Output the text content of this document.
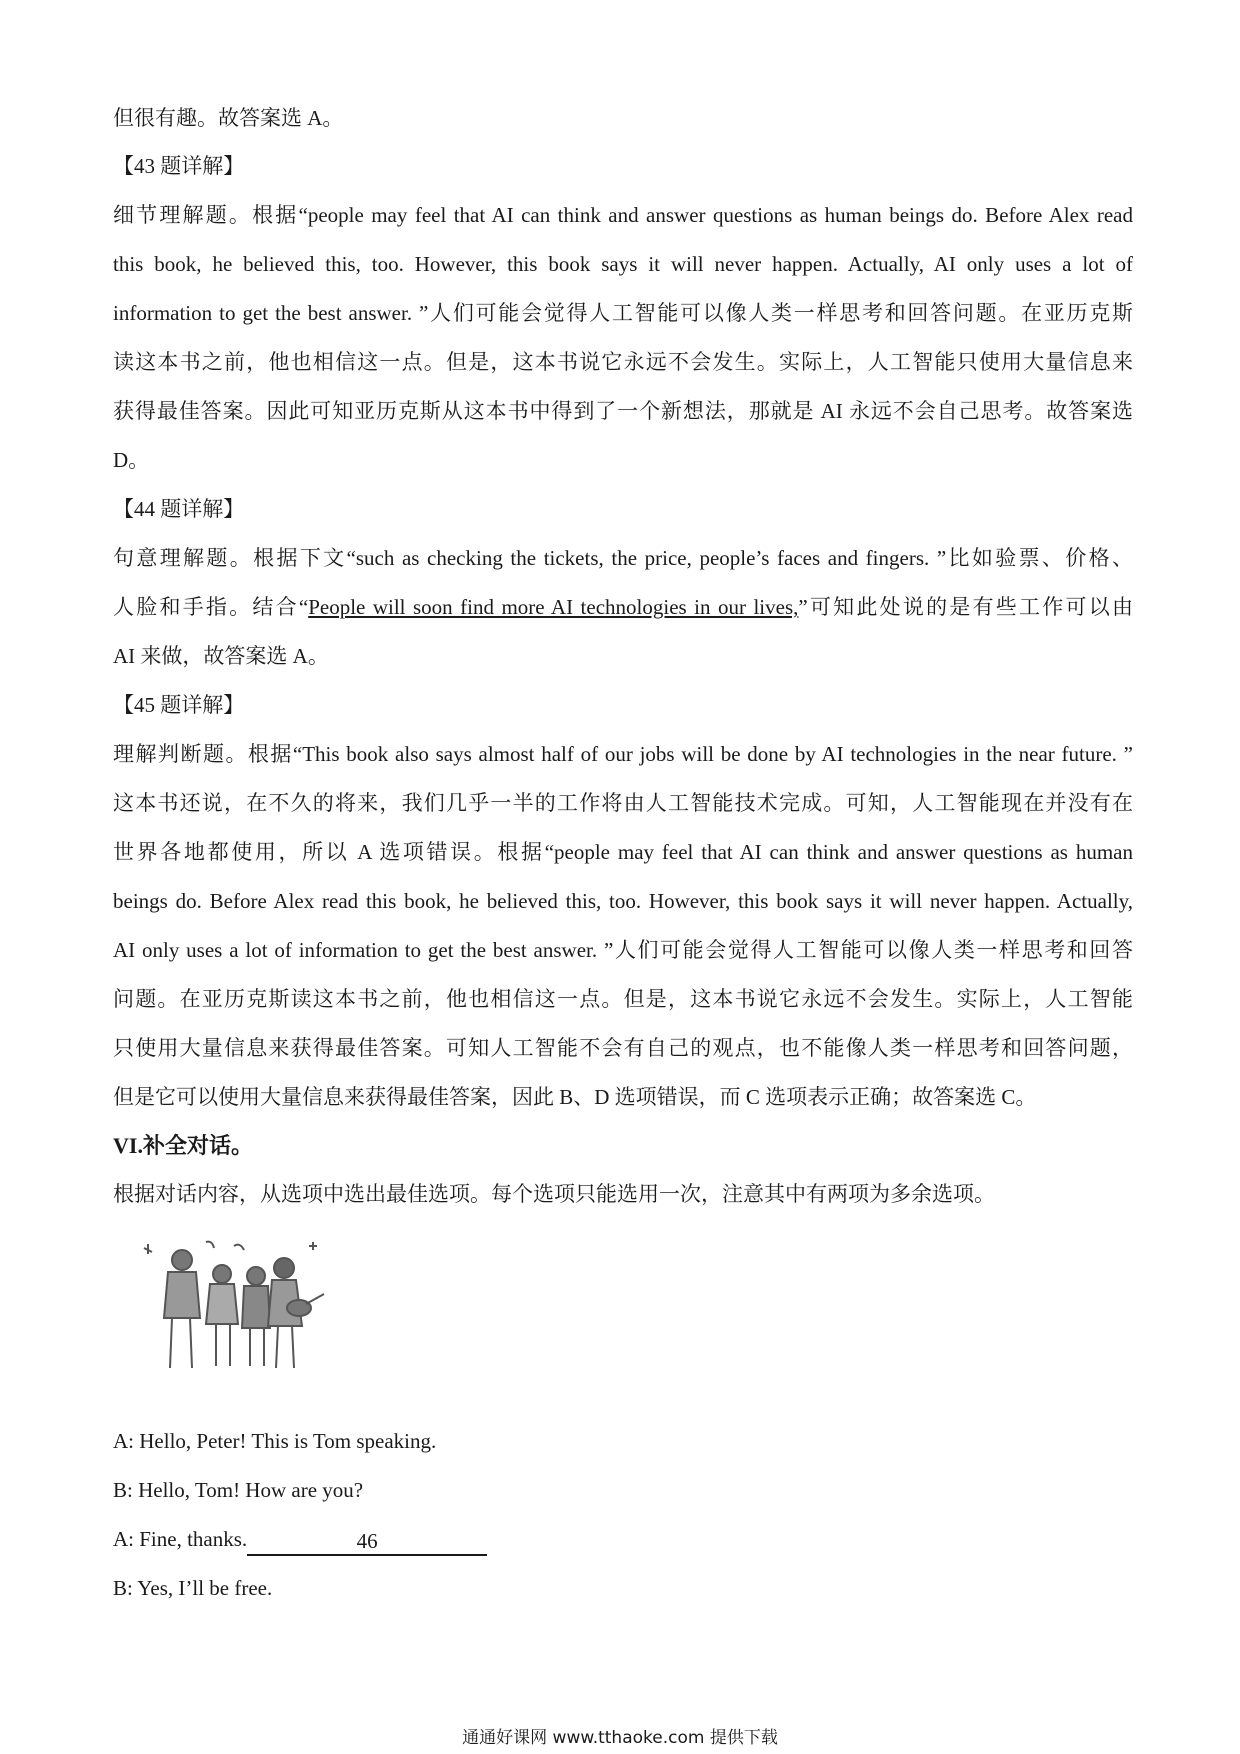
但很有趣。故答案选 A。
【43 题详解】
细节理解题。根据“people may feel that AI can think and answer questions as human beings do. Before Alex read
this book, he believed this, too. However, this book says it will never happen. Actually, AI only uses a lot of
information to get the best answer. ”人们可能会觉得人工智能可以像人类一样思考和回答问题。在亚历克斯
读这本书之前，他也相信这一点。但是，这本书说它永远不会发生。实际上，人工智能只使用大量信息来
获得最佳答案。因此可知亚历克斯从这本书中得到了一个新想法，那就是 AI 永远不会自己思考。故答案选
D。
【44 题详解】
句意理解题。根据下文“such as checking the tickets, the price, people’s faces and fingers. ”比如验票、价格、
人脸和手指。结合“People will soon find more AI technologies in our lives,”可知此处说的是有些工作可以由
AI 来做，故答案选 A。
【45 题详解】
理解判断题。根据“This book also says almost half of our jobs will be done by AI technologies in the near future. ”
这本书还说，在不久的将来，我们几乎一半的工作将由人工智能技术完成。可知，人工智能现在并没有在
世界各地都使用，所以 A 选项错误。根据“people may feel that AI can think and answer questions as human
beings do. Before Alex read this book, he believed this, too. However, this book says it will never happen. Actually,
AI only uses a lot of information to get the best answer. ”人们可能会觉得人工智能可以像人类一样思考和回答
问题。在亚历克斯读这本书之前，他也相信这一点。但是，这本书说它永远不会发生。实际上，人工智能
只使用大量信息来获得最佳答案。可知人工智能不会有自己的观点，也不能像人类一样思考和回答问题，
但是它可以使用大量信息来获得最佳答案，因此 B、D 选项错误，而 C 选项表示正确；故答案选 C。
VI.补全对话。
根据对话内容，从选项中选出最佳选项。每个选项只能选用一次，注意其中有两项为多余选项。
A: Hello, Peter! This is Tom speaking.
B: Hello, Tom! How are you?
A: Fine, thanks.	46
B: Yes, I’ll be free.
通通好课网 www.tthaoke.com 提供下载
